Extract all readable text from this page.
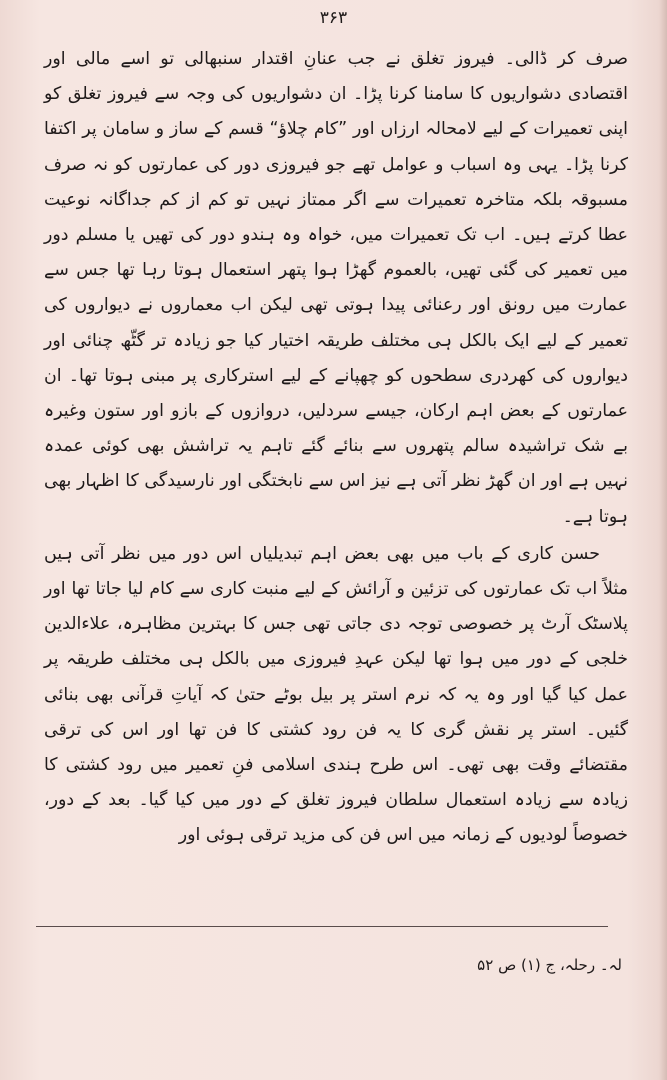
۳۶۳

صرف کر ڈالی۔ فیروز تغلق نے جب عنانِ اقتدار سنبھالی تو اسے مالی اور اقتصادی دشواریوں کا سامنا کرنا پڑا۔ ان دشواریوں کی وجہ سے فیروز تغلق کو اپنی تعمیرات کے لیے لامحالہ ارزاں اور ”کام چلاؤ“ قسم کے ساز و سامان پر اکتفا کرنا پڑا۔ یہی وہ اسباب و عوامل تھے جو فیروزی دور کی عمارتوں کو نہ صرف مسبوقہ بلکہ متاخرہ تعمیرات سے اگر ممتاز نہیں تو کم از کم جداگانہ نوعیت عطا کرتے ہیں۔ اب تک تعمیرات میں، خواہ وہ ہندو دور کی تھیں یا مسلم دور میں تعمیر کی گئی تھیں، بالعموم گھڑا ہوا پتھر استعمال ہوتا رہا تھا جس سے عمارت میں رونق اور رعنائی پیدا ہوتی تھی لیکن اب معماروں نے دیواروں کی تعمیر کے لیے ایک بالکل ہی مختلف طریقہ اختیار کیا جو زیادہ تر گٹّھ چنائی اور دیواروں کی کھردری سطحوں کو چھپانے کے لیے استرکاری پر مبنی ہوتا تھا۔ ان عمارتوں کے بعض اہم ارکان، جیسے سردلیں، دروازوں کے بازو اور ستون وغیرہ بے شک تراشیدہ سالم پتھروں سے بنائے گئے تاہم یہ تراشش بھی کوئی عمدہ نہیں ہے اور ان گھڑ نظر آتی ہے نیز اس سے نابختگی اور نارسیدگی کا اظہار بھی ہوتا ہے۔

حسن کاری کے باب میں بھی بعض اہم تبدیلیاں اس دور میں نظر آتی ہیں مثلاً اب تک عمارتوں کی تزئین و آرائش کے لیے منبت کاری سے کام لیا جاتا تھا اور پلاسٹک آرٹ پر خصوصی توجہ دی جاتی تھی جس کا بہترین مظاہرہ، علاءالدین خلجی کے دور میں ہوا تھا لیکن عہدِ فیروزی میں بالکل ہی مختلف طریقہ پر عمل کیا گیا اور وہ یہ کہ نرم استر پر بیل بوٹے حتیٰ کہ آیاتِ قرآنی بھی بنائی گئیں۔ استر پر نقش گری کا یہ فن رود کشتی کا فن تھا اور اس کی ترقی مقتضائے وقت بھی تھی۔ اس طرح ہندی اسلامی فنِ تعمیر میں رود کشتی کا زیادہ سے زیادہ استعمال سلطان فیروز تغلق کے دور میں کیا گیا۔ بعد کے دور، خصوصاً لودیوں کے زمانہ میں اس فن کی مزید ترقی ہوئی اور

لہ۔ رحلہ، ج (۱) ص ۵۲
